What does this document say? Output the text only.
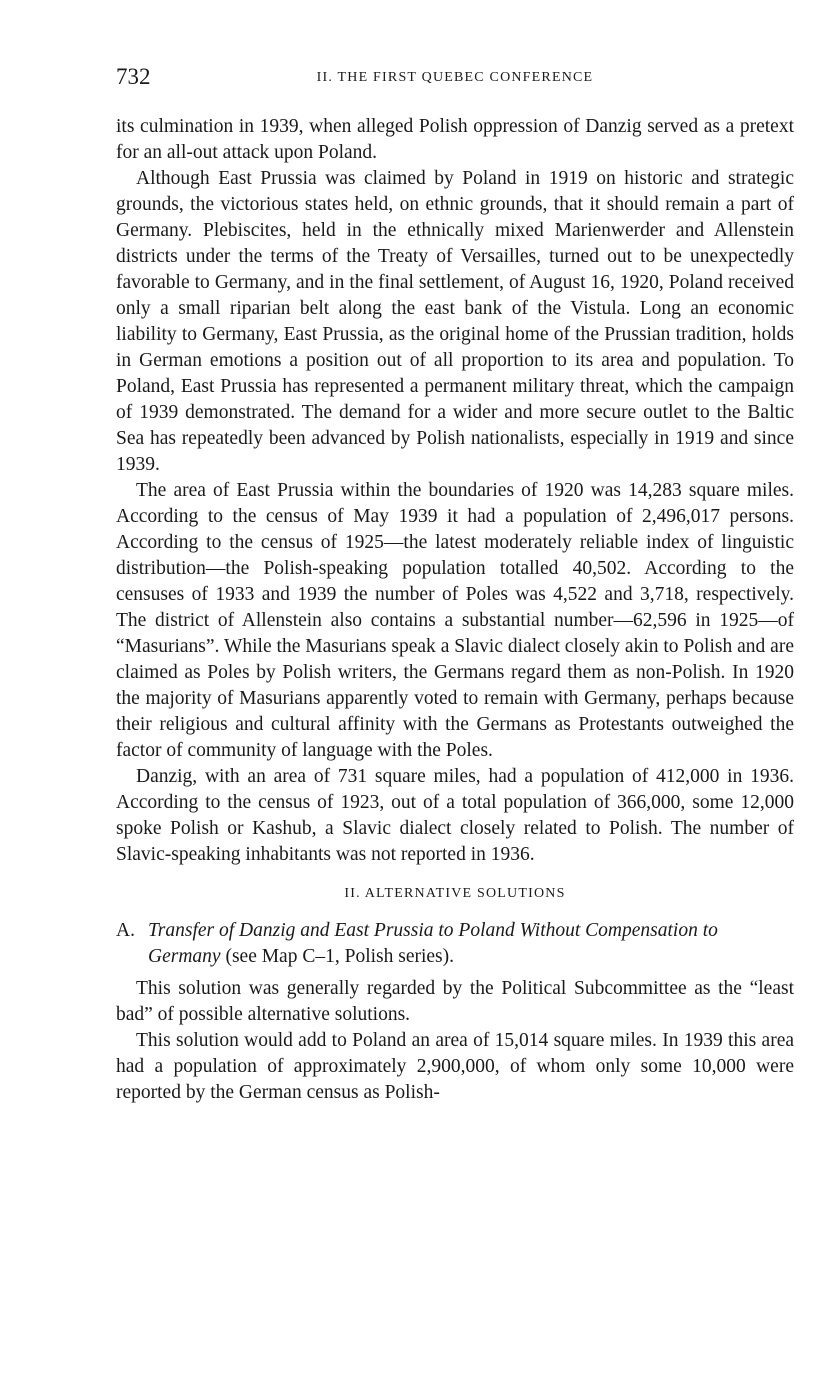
732	II. THE FIRST QUEBEC CONFERENCE

its culmination in 1939, when alleged Polish oppression of Danzig served as a pretext for an all-out attack upon Poland.

Although East Prussia was claimed by Poland in 1919 on historic and strategic grounds, the victorious states held, on ethnic grounds, that it should remain a part of Germany. Plebiscites, held in the ethnically mixed Marienwerder and Allenstein districts under the terms of the Treaty of Versailles, turned out to be unexpectedly favorable to Germany, and in the final settlement, of August 16, 1920, Poland received only a small riparian belt along the east bank of the Vistula. Long an economic liability to Germany, East Prussia, as the original home of the Prussian tradition, holds in German emotions a position out of all proportion to its area and population. To Poland, East Prussia has represented a permanent military threat, which the campaign of 1939 demonstrated. The demand for a wider and more secure outlet to the Baltic Sea has repeatedly been advanced by Polish nationalists, especially in 1919 and since 1939.

The area of East Prussia within the boundaries of 1920 was 14,283 square miles. According to the census of May 1939 it had a population of 2,496,017 persons. According to the census of 1925—the latest moderately reliable index of linguistic distribution—the Polish-speaking population totalled 40,502. According to the censuses of 1933 and 1939 the number of Poles was 4,522 and 3,718, respectively. The district of Allenstein also contains a substantial number—62,596 in 1925—of “Masurians”. While the Masurians speak a Slavic dialect closely akin to Polish and are claimed as Poles by Polish writers, the Germans regard them as non-Polish. In 1920 the majority of Masurians apparently voted to remain with Germany, perhaps because their religious and cultural affinity with the Germans as Protestants outweighed the factor of community of language with the Poles.

Danzig, with an area of 731 square miles, had a population of 412,000 in 1936. According to the census of 1923, out of a total population of 366,000, some 12,000 spoke Polish or Kashub, a Slavic dialect closely related to Polish. The number of Slavic-speaking inhabitants was not reported in 1936.

II. ALTERNATIVE SOLUTIONS

A. Transfer of Danzig and East Prussia to Poland Without Compensation to Germany (see Map C–1, Polish series).

This solution was generally regarded by the Political Subcommittee as the “least bad” of possible alternative solutions.

This solution would add to Poland an area of 15,014 square miles. In 1939 this area had a population of approximately 2,900,000, of whom only some 10,000 were reported by the German census as Polish-
